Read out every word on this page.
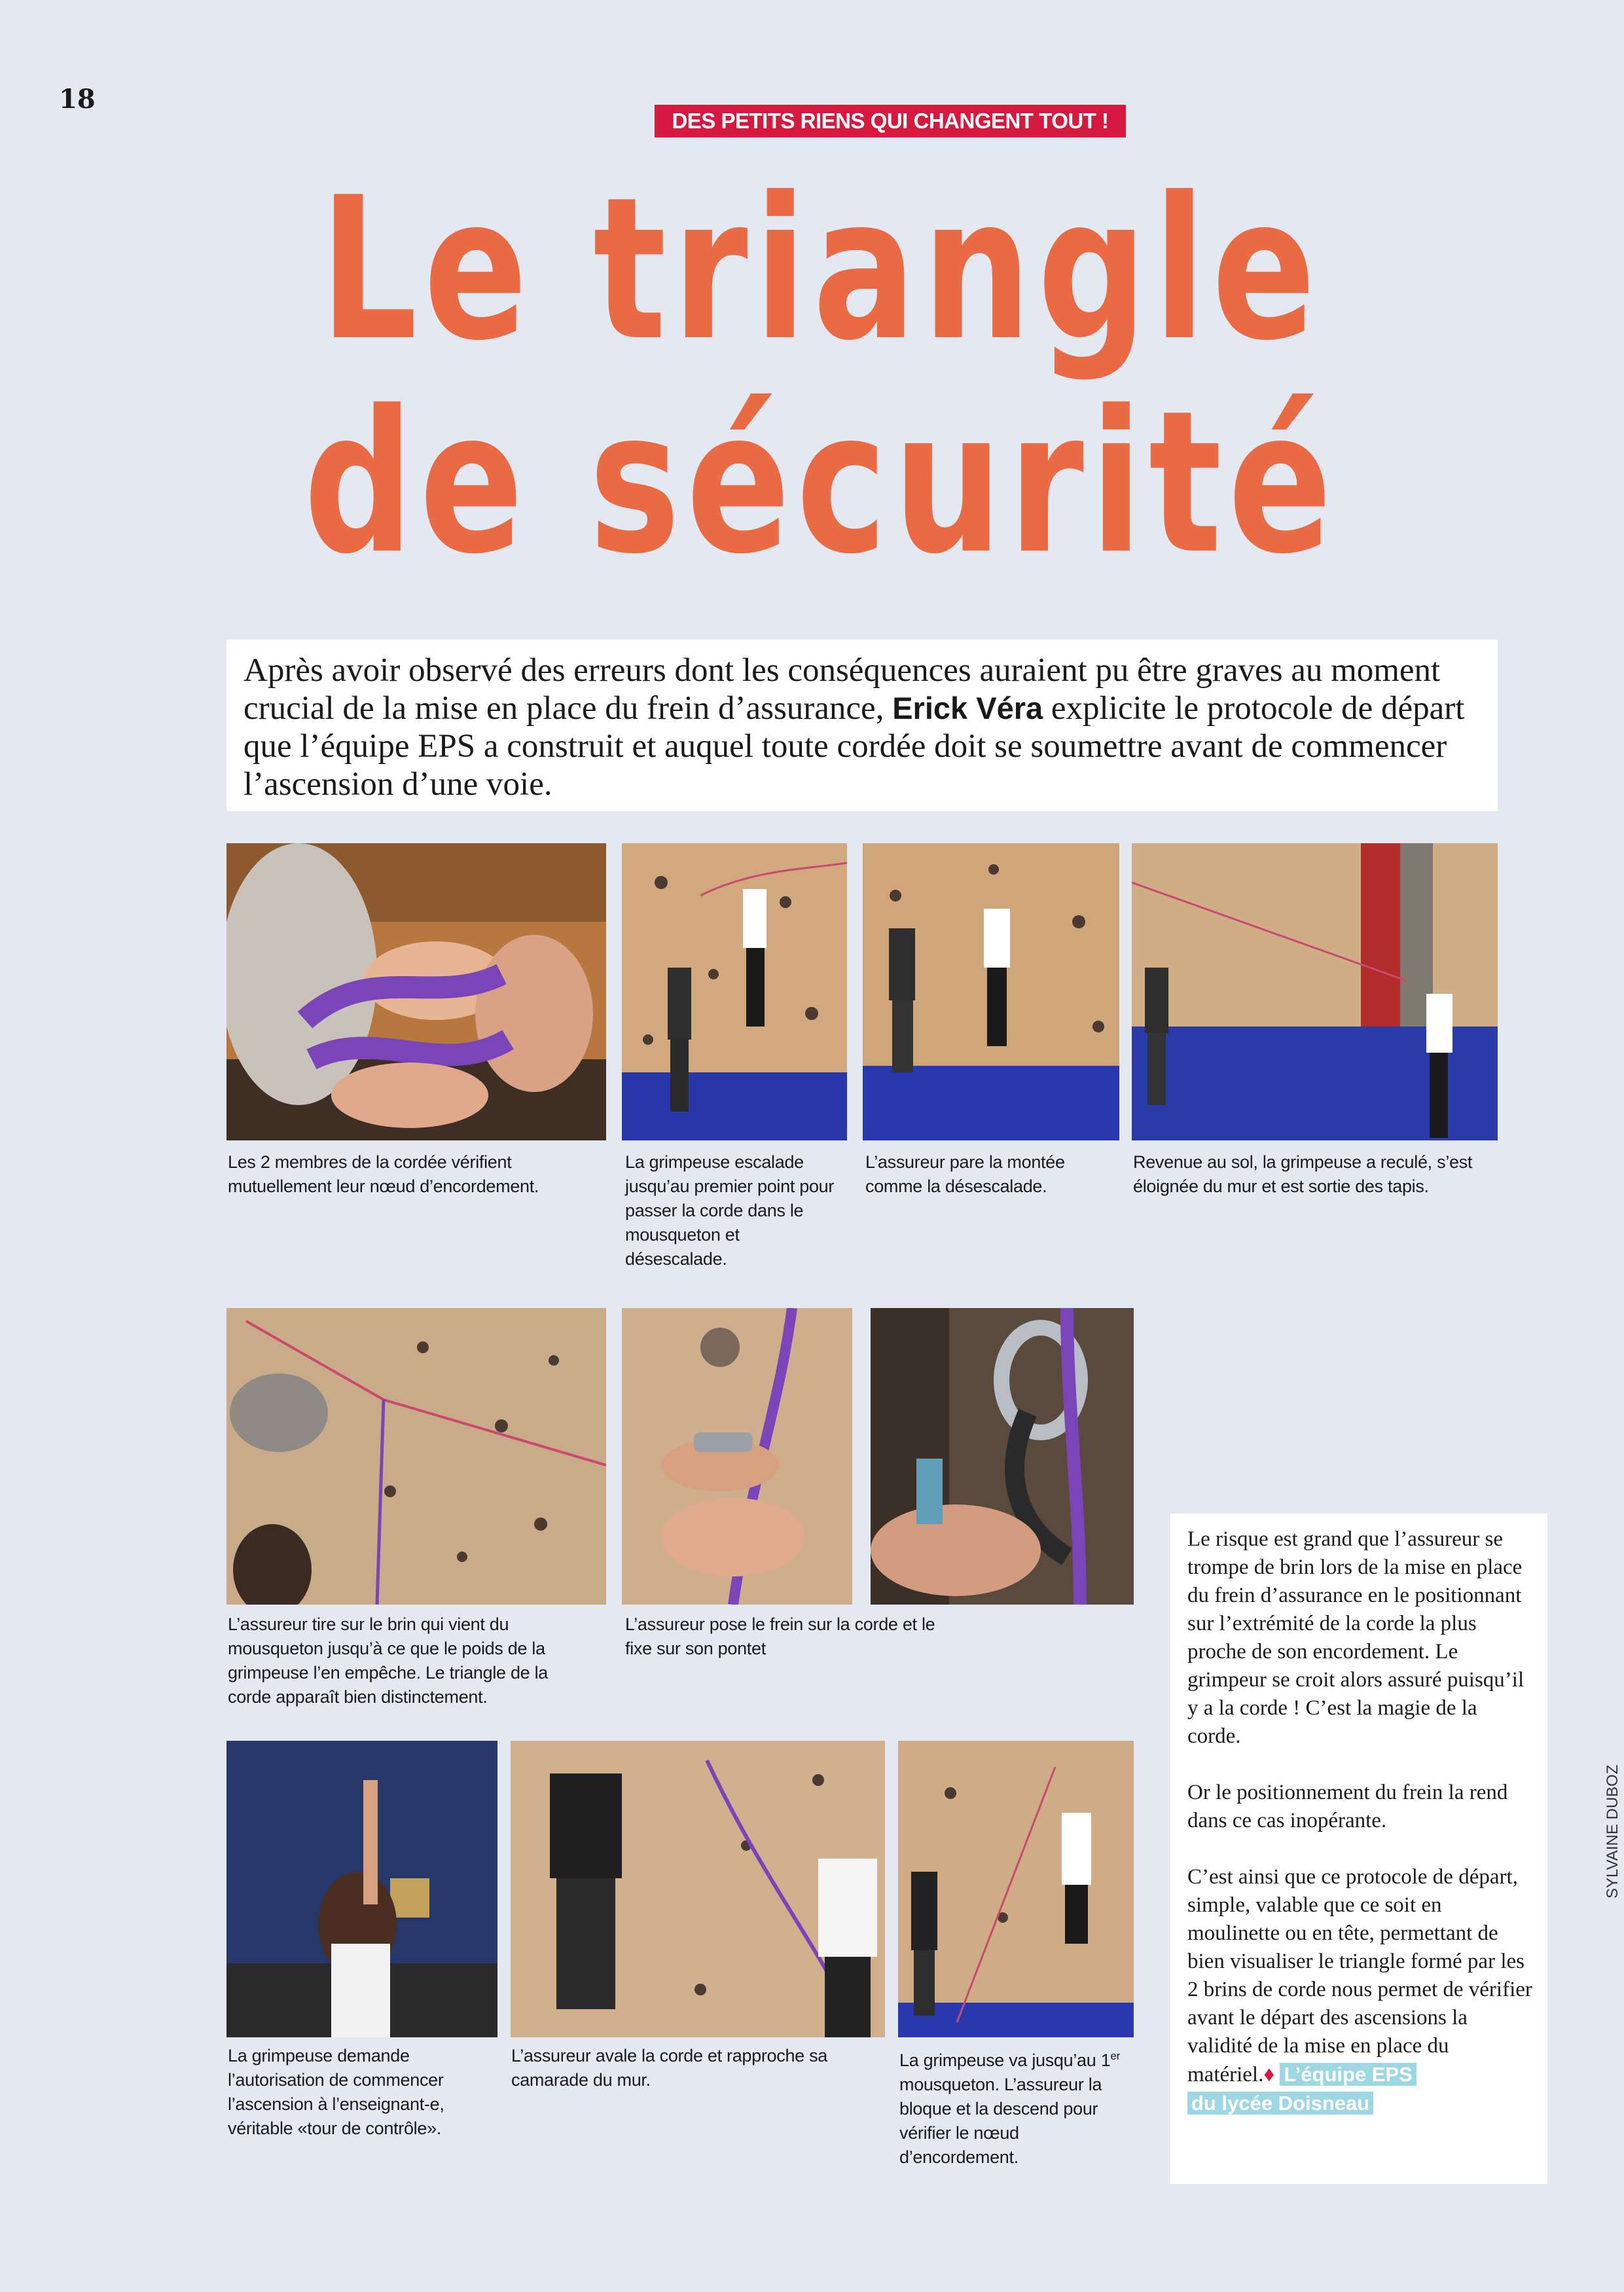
18
DES PETITS RIENS QUI CHANGENT TOUT !
Le triangle
de sécurité
Après avoir observé des erreurs dont les conséquences auraient pu être graves au moment crucial de la mise en place du frein d’assurance, Erick Véra explicite le protocole de départ que l’équipe EPS a construit et auquel toute cordée doit se soumettre avant de commencer l’ascension d’une voie.
Les 2 membres de la cordée vérifient mutuellement leur nœud d’encordement.
La grimpeuse escalade jusqu’au premier point pour passer la corde dans le mousqueton et désescalade.
L’assureur pare la montée comme la désescalade.
Revenue au sol, la grimpeuse a reculé, s’est éloignée du mur et est sortie des tapis.
L’assureur tire sur le brin qui vient du mousqueton jusqu’à ce que le poids de la grimpeuse l’en empêche. Le triangle de la corde apparaît bien distinctement.
L’assureur pose le frein sur la corde et le fixe sur son pontet
La grimpeuse demande l’autorisation de commencer l’ascension à l’enseignant-e, véritable «tour de contrôle».
L’assureur avale la corde et rapproche sa camarade du mur.
La grimpeuse va jusqu’au 1er mousqueton. L’assureur la bloque et la descend pour vérifier le nœud d’encordement.

Le risque est grand que l’assureur se trompe de brin lors de la mise en place du frein d’assurance en le positionnant sur l’extrémité de la corde la plus proche de son encordement. Le grimpeur se croit alors assuré puisqu’il y a la corde ! C’est la magie de la corde.

Or le positionnement du frein la rend dans ce cas inopérante.

C’est ainsi que ce protocole de départ, simple, valable que ce soit en moulinette ou en tête, permettant de bien visualiser le triangle formé par les 2 brins de corde nous permet de vérifier avant le départ des ascensions la validité de la mise en place du matériel.♦ L’équipe EPS
du lycée Doisneau

SYLVAINE DUBOZ
